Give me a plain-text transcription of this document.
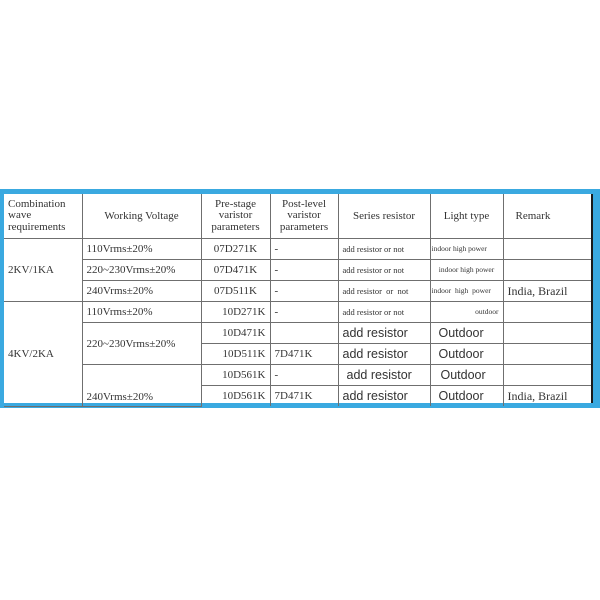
Combination wave requirements	Working Voltage	Pre-stage varistor parameters	Post-level varistor parameters	Series resistor	Light type	Remark
2KV/1KA	110Vrms±20%	07D271K	-	add resistor or not	indoor high power	
	220~230Vrms±20%	07D471K	-	add resistor or not	indoor high power	
	240Vrms±20%	07D511K	-	add resistor  or  not	indoor high power	India, Brazil
4KV/2KA	110Vrms±20%	10D271K	-	add resistor or not	outdoor	
	220~230Vrms±20%	10D471K		add resistor	Outdoor	
		10D511K	7D471K	add resistor	Outdoor	
	240Vrms±20%	10D561K	-	add resistor	Outdoor	
		10D561K	7D471K	add resistor	Outdoor	India, Brazil
